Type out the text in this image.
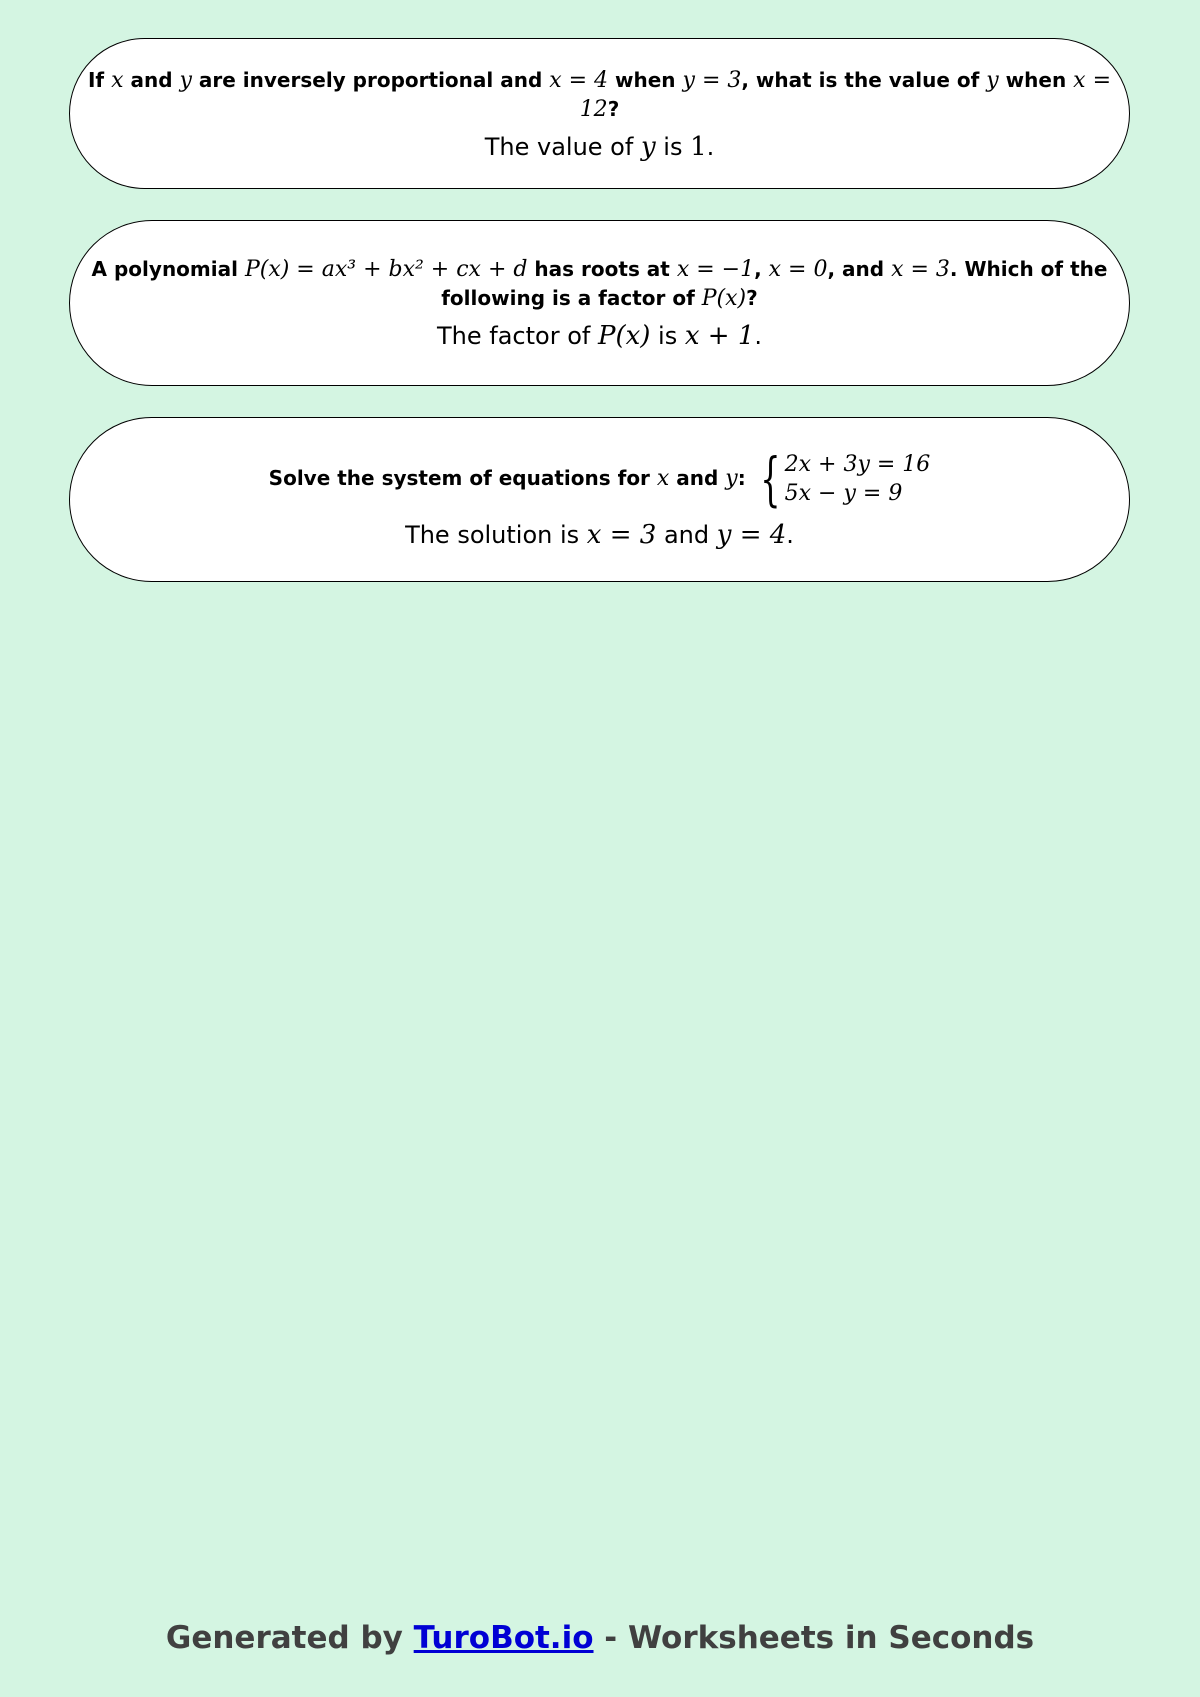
If x and y are inversely proportional and x = 4 when y = 3, what is the value of y when x = 12?
The value of y is 1.
A polynomial P(x) = ax³ + bx² + cx + d has roots at x = −1, x = 0, and x = 3. Which of the following is a factor of P(x)?
The factor of P(x) is x + 1.
Solve the system of equations for x and y: { 2x + 3y = 16
5x − y = 9
The solution is x = 3 and y = 4.
Generated by TuroBot.io - Worksheets in Seconds
